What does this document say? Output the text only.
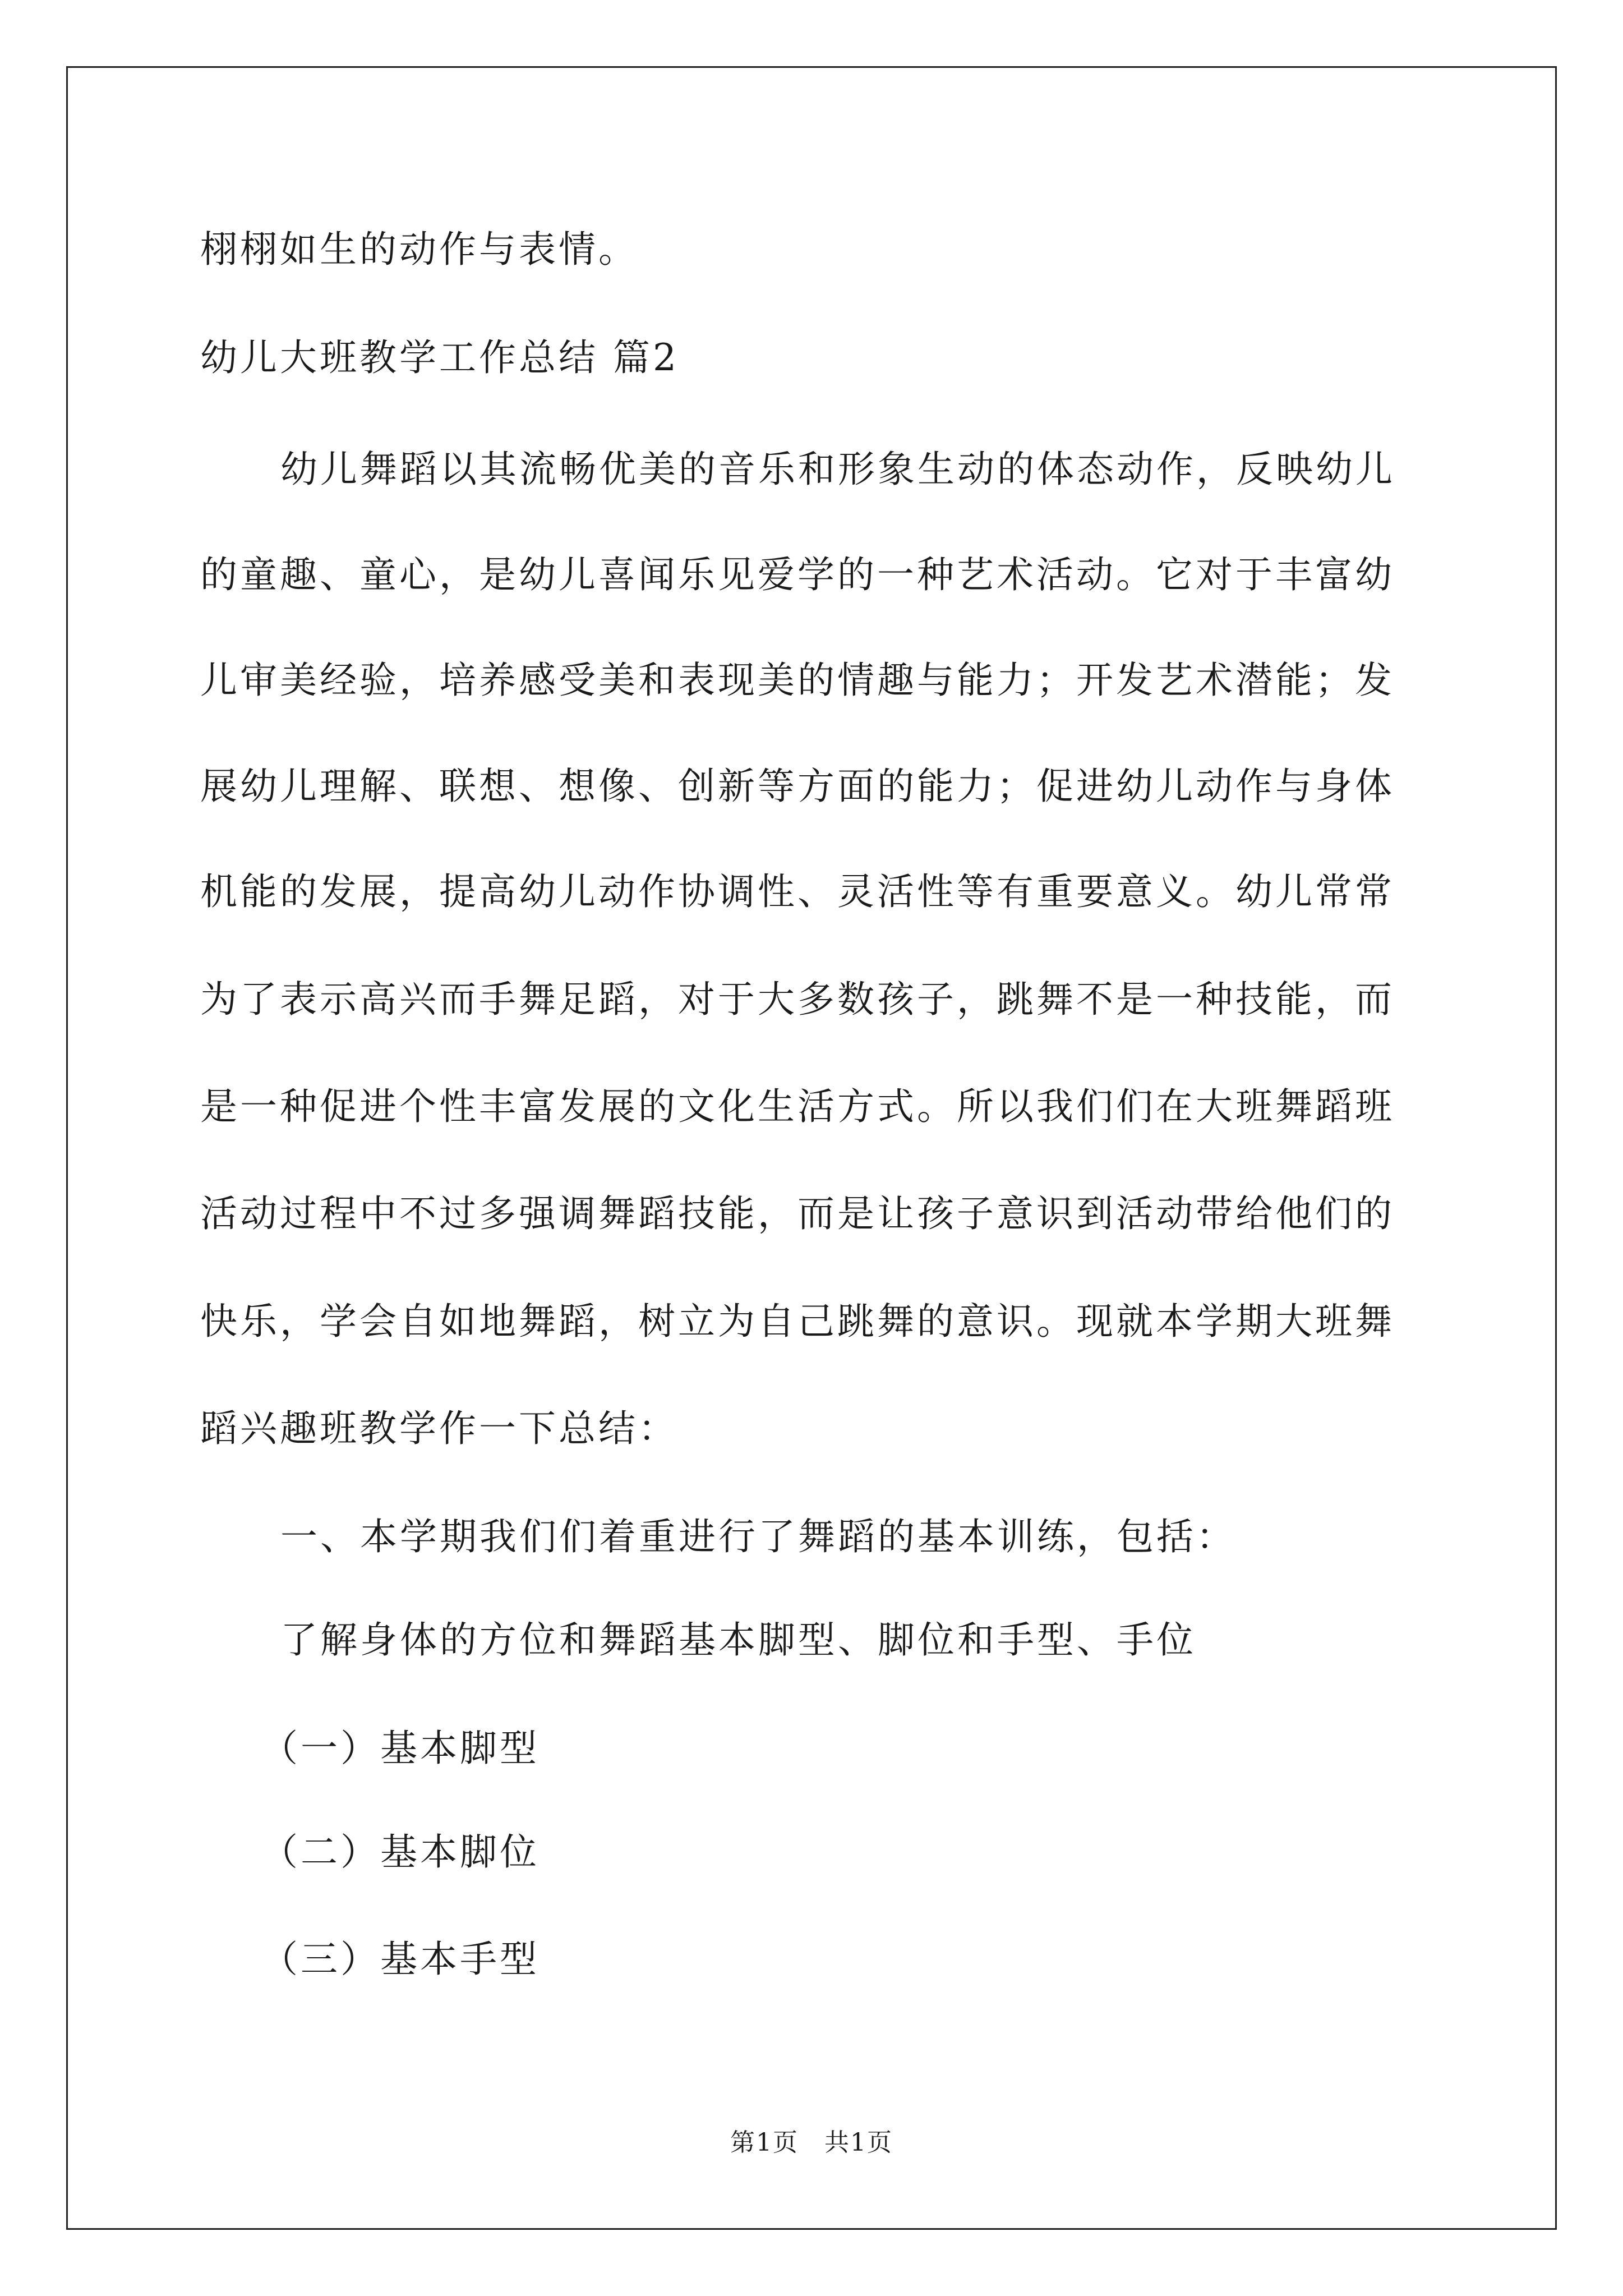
栩栩如生的动作与表情。

幼儿大班教学工作总结 篇2

幼儿舞蹈以其流畅优美的音乐和形象生动的体态动作，反映幼儿

的童趣、童心，是幼儿喜闻乐见爱学的一种艺术活动。它对于丰富幼

儿审美经验，培养感受美和表现美的情趣与能力；开发艺术潜能；发

展幼儿理解、联想、想像、创新等方面的能力；促进幼儿动作与身体

机能的发展，提高幼儿动作协调性、灵活性等有重要意义。幼儿常常

为了表示高兴而手舞足蹈，对于大多数孩子，跳舞不是一种技能，而

是一种促进个性丰富发展的文化生活方式。所以我们们在大班舞蹈班

活动过程中不过多强调舞蹈技能，而是让孩子意识到活动带给他们的

快乐，学会自如地舞蹈，树立为自己跳舞的意识。现就本学期大班舞

蹈兴趣班教学作一下总结：

一、本学期我们们着重进行了舞蹈的基本训练，包括：

了解身体的方位和舞蹈基本脚型、脚位和手型、手位

（一）基本脚型

（二）基本脚位

（三）基本手型

第1页　共1页
